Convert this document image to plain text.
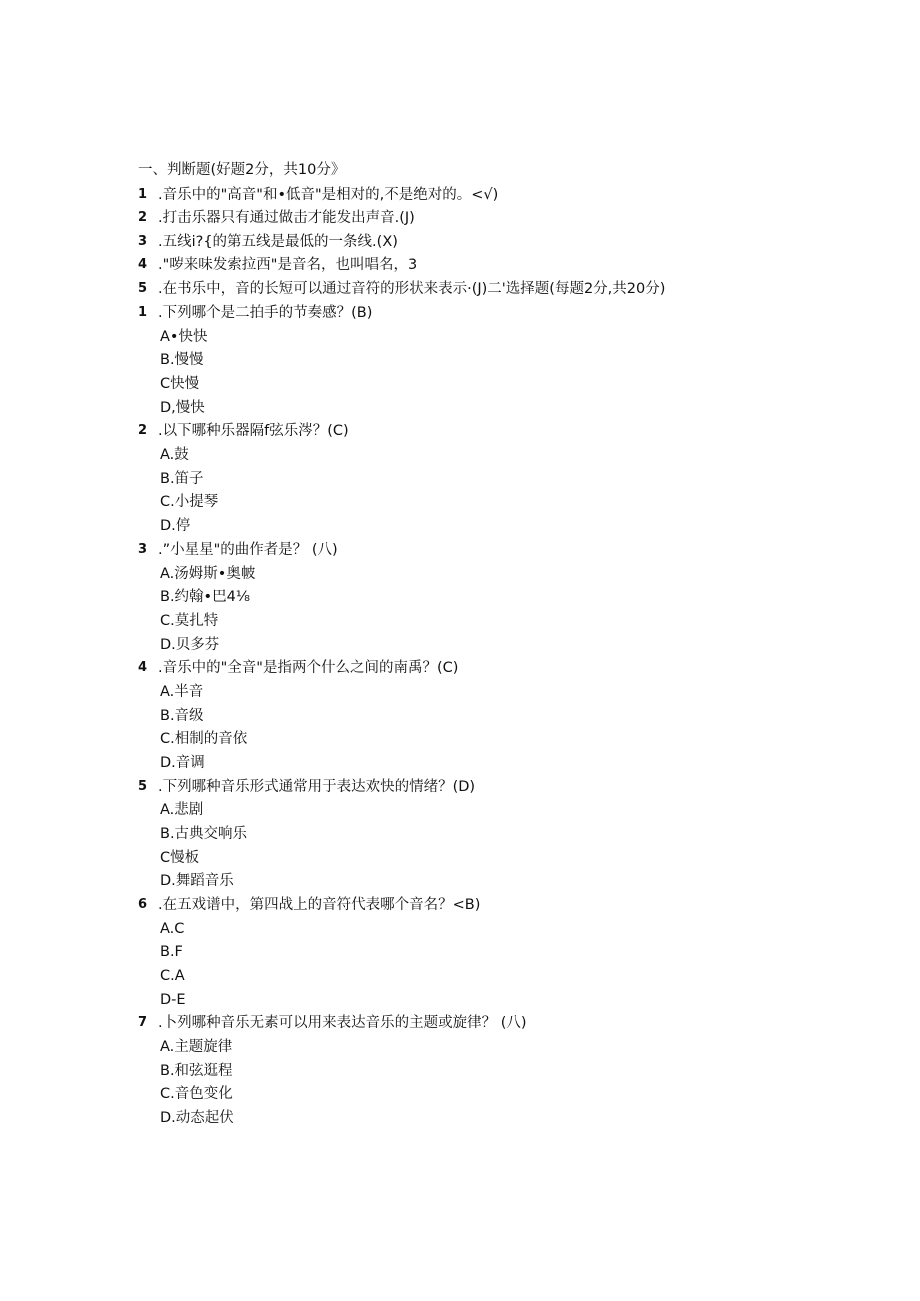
一、判断题(好题2分，共10分》
1 .音乐中的"高音"和•低音"是相对的,不是绝对的。<√)
2 .打击乐器只有通过做击才能发出声音.(J)
3 .五线i?{的第五线是最低的一条线.(X)
4 ."哕来味发索拉西"是音名，也叫唱名，3
5 .在书乐中，音的长短可以通过音符的形状来表示·(J)二'选择题(每题2分,共20分)
1 .下列哪个是二拍手的节奏感？(B)
A•快快
B.慢慢
C快慢
D,慢快
2 .以下哪种乐器隔f弦乐涔？(C)
A.鼓
B.笛子
C.小提琴
D.停
3 .”小星星"的曲作者是？ (八)
A.汤姆斯•奥帔
B.约翰•巴4⅛
C.莫扎特
D.贝多芬
4 .音乐中的"全音"是指两个什么之间的南禹？(C)
A.半音
B.音级
C.相制的音依
D.音调
5 .下列哪种音乐形式通常用于表达欢快的情绪？(D)
A.悲剧
B.古典交响乐
C慢板
D.舞蹈音乐
6 .在五戏谱中，第四战上的音符代表哪个音名？<B)
A.C
B.F
C.A
D-E
7 .卜列哪种音乐无素可以用来表达音乐的主题或旋律？ (八)
A.主题旋律
B.和弦逛程
C.音色变化
D.动态起伏
